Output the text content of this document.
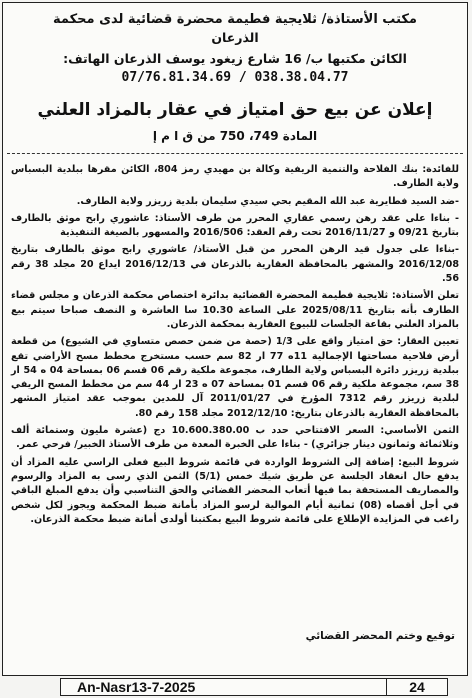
مكتب الأستاذة/ ثلايجية فطيمة محضرة قضائية لدى محكمة
الذرعان
الكائن مكتبها ب/ 16 شارع زيغود يوسف الذرعان الهاتف:
07/76.81.34.69 / 038.38.04.77
إعلان عن بيع حق امتياز في عقار بالمزاد العلني
المادة 749، 750 من ق ا م إ

للفائدة: بنك الفلاحة والتنمية الريفية وكالة بن مهيدي رمز 804، الكائن مقرها ببلدية البسباس ولاية الطارف.

-ضد السيد فطايرية عبد الله المقيم بحي سيدي سليمان بلدية زريزر ولاية الطارف.

- بناءا على عقد رهن رسمي عقاري المحرر من طرف الأستاذ: عاشوري رابح موثق بالطارف بتاريخ 09/21 و 2016/11/27 تحت رقم العقد: 2016/506 والمسهور بالصيغة التنفيذية

-بناءا على جدول قيد الرهن المحرر من قبل الأستاذ/ عاشوري رابح موثق بالطارف بتاريخ 2016/12/08 والمشهر بالمحافظة العقارية بالذرعان في 2016/12/13 ايداع 20 مجلد 38 رقم 56.

تعلن الأستاذة: ثلايجية فطيمة المحضرة القضائية بدائرة اختصاص محكمة الذرعان و مجلس قضاء الطارف بأنه بتاريخ 2025/08/11 على الساعة 10.30 سا العاشرة و النصف صباحا سيتم بيع بالمزاد العلني بقاعة الجلسات للبيوع العقارية بمحكمة الذرعان.

تعيين العقار: حق امتياز واقع على 1/3 (حصة من ضمن حصص متساوي في الشيوع) من قطعة أرض فلاحية مساحتها الإجمالية 11ه 77 ار 82 سم حسب مستخرج مخطط مسح الأراضي تقع ببلدية زريزر دائرة البسباس ولاية الطارف، مجموعة ملكية رقم 06 قسم 06 بمساحة 04 ه 54 ار 38 سم، مجموعة ملكية رقم 06 قسم 01 بمساحة 07 ه 23 ار 44 سم من مخطط المسح الريفي لبلدية زريزر رقم 7312 المؤرخ في 2011/01/27 آل للمدين بموجب عقد امتياز المشهر بالمحافظة العقارية بالذرعان بتاريخ: 2012/12/10 مجلد 158 رقم 80.

الثمن الأساسي: السعر الافتتاحي حدد ب 10.600.380.00 دج (عشرة مليون وستمائة ألف وثلاثمائة وثمانون دينار جزائري) - بناءا على الخبرة المعدة من طرف الأستاذ الخبير/ فرحي عمر.

شروط البيع: إضافة إلى الشروط الواردة في قائمة شروط البيع فعلى الراسي عليه المزاد أن يدفع حال انعقاد الجلسة عن طريق شيك خمس (5/1) الثمن الذي رسى به المزاد والرسوم والمصاريف المستحقة بما فيها أتعاب المحضر القضائي والحق التناسبي وأن يدفع المبلغ الباقي في أجل أقصاه (08) ثمانية أيام الموالية لرسو المزاد بأمانة ضبط المحكمة ويجوز لكل شخص راغب في المزايدة الإطلاع على قائمة شروط البيع بمكتبنا أولدى أمانة ضبط محكمة الذرعان.

توقيع وختم المحضر القضائي
An-Nasr13-7-2025	24
